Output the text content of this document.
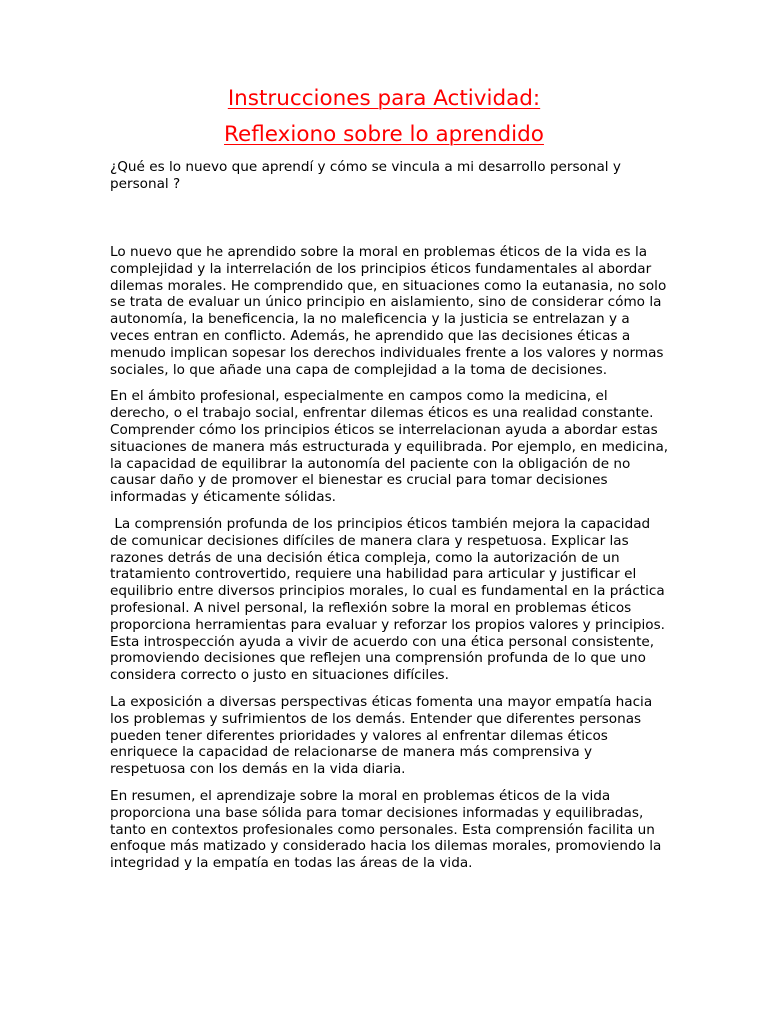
Instrucciones para Actividad:
Reflexiono sobre lo aprendido

¿Qué es lo nuevo que aprendí y cómo se vincula a mi desarrollo personal y personal ?

Lo nuevo que he aprendido sobre la moral en problemas éticos de la vida es la complejidad y la interrelación de los principios éticos fundamentales al abordar dilemas morales. He comprendido que, en situaciones como la eutanasia, no solo se trata de evaluar un único principio en aislamiento, sino de considerar cómo la autonomía, la beneficencia, la no maleficencia y la justicia se entrelazan y a veces entran en conflicto. Además, he aprendido que las decisiones éticas a menudo implican sopesar los derechos individuales frente a los valores y normas sociales, lo que añade una capa de complejidad a la toma de decisiones.

En el ámbito profesional, especialmente en campos como la medicina, el derecho, o el trabajo social, enfrentar dilemas éticos es una realidad constante. Comprender cómo los principios éticos se interrelacionan ayuda a abordar estas situaciones de manera más estructurada y equilibrada. Por ejemplo, en medicina, la capacidad de equilibrar la autonomía del paciente con la obligación de no causar daño y de promover el bienestar es crucial para tomar decisiones informadas y éticamente sólidas.

La comprensión profunda de los principios éticos también mejora la capacidad de comunicar decisiones difíciles de manera clara y respetuosa. Explicar las razones detrás de una decisión ética compleja, como la autorización de un tratamiento controvertido, requiere una habilidad para articular y justificar el equilibrio entre diversos principios morales, lo cual es fundamental en la práctica profesional. A nivel personal, la reflexión sobre la moral en problemas éticos proporciona herramientas para evaluar y reforzar los propios valores y principios. Esta introspección ayuda a vivir de acuerdo con una ética personal consistente, promoviendo decisiones que reflejen una comprensión profunda de lo que uno considera correcto o justo en situaciones difíciles.

La exposición a diversas perspectivas éticas fomenta una mayor empatía hacia los problemas y sufrimientos de los demás. Entender que diferentes personas pueden tener diferentes prioridades y valores al enfrentar dilemas éticos enriquece la capacidad de relacionarse de manera más comprensiva y respetuosa con los demás en la vida diaria.

En resumen, el aprendizaje sobre la moral en problemas éticos de la vida proporciona una base sólida para tomar decisiones informadas y equilibradas, tanto en contextos profesionales como personales. Esta comprensión facilita un enfoque más matizado y considerado hacia los dilemas morales, promoviendo la integridad y la empatía en todas las áreas de la vida.
